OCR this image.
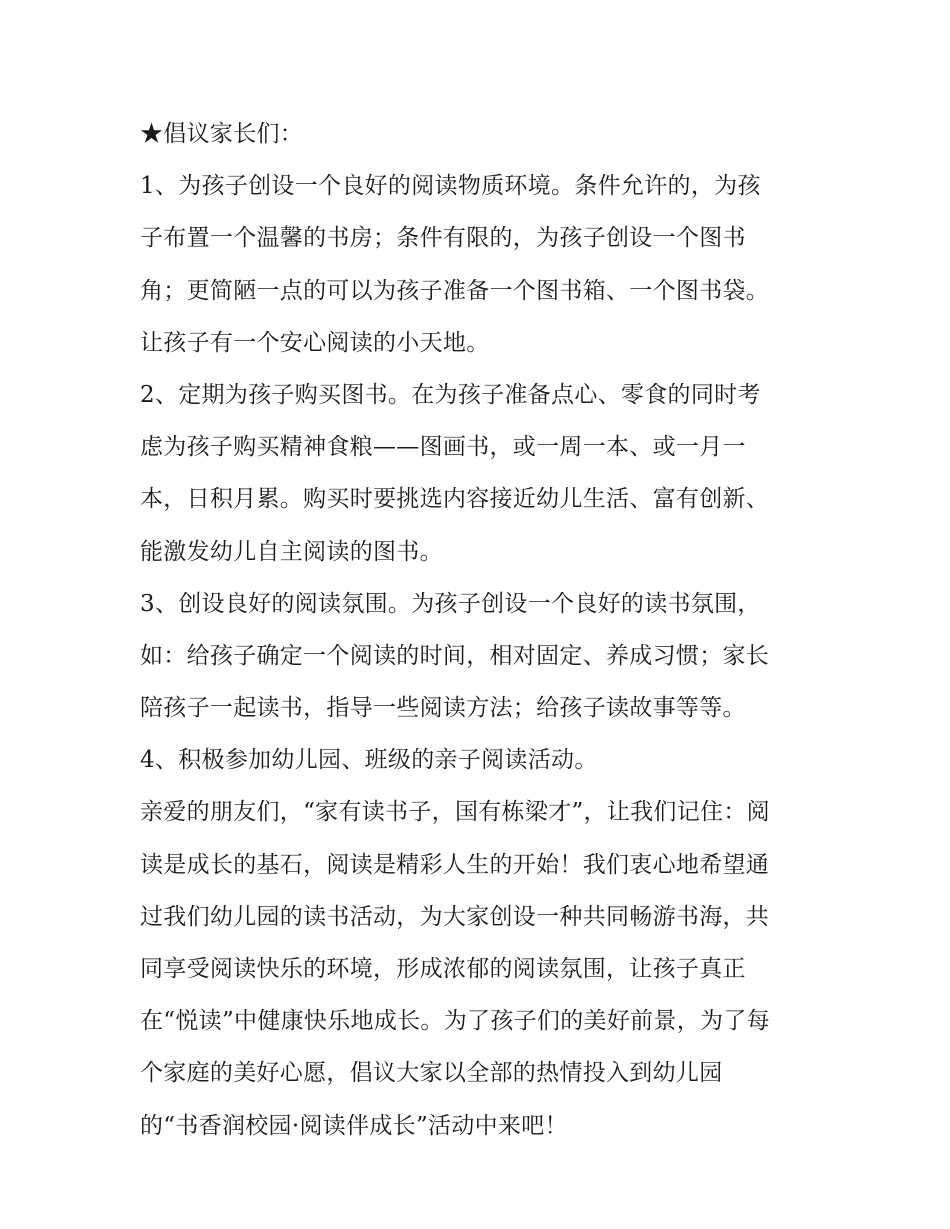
★倡议家长们：
1、为孩子创设一个良好的阅读物质环境。条件允许的，为孩
子布置一个温馨的书房；条件有限的，为孩子创设一个图书
角；更简陋一点的可以为孩子准备一个图书箱、一个图书袋。
让孩子有一个安心阅读的小天地。
2、定期为孩子购买图书。在为孩子准备点心、零食的同时考
虑为孩子购买精神食粮——图画书，或一周一本、或一月一
本，日积月累。购买时要挑选内容接近幼儿生活、富有创新、
能激发幼儿自主阅读的图书。
3、创设良好的阅读氛围。为孩子创设一个良好的读书氛围，
如：给孩子确定一个阅读的时间，相对固定、养成习惯；家长
陪孩子一起读书，指导一些阅读方法；给孩子读故事等等。
4、积极参加幼儿园、班级的亲子阅读活动。
亲爱的朋友们，“家有读书子，国有栋梁才”，让我们记住：阅
读是成长的基石，阅读是精彩人生的开始！我们衷心地希望通
过我们幼儿园的读书活动，为大家创设一种共同畅游书海，共
同享受阅读快乐的环境，形成浓郁的阅读氛围，让孩子真正
在“悦读”中健康快乐地成长。为了孩子们的美好前景，为了每
个家庭的美好心愿，倡议大家以全部的热情投入到幼儿园
的“书香润校园·阅读伴成长”活动中来吧！
